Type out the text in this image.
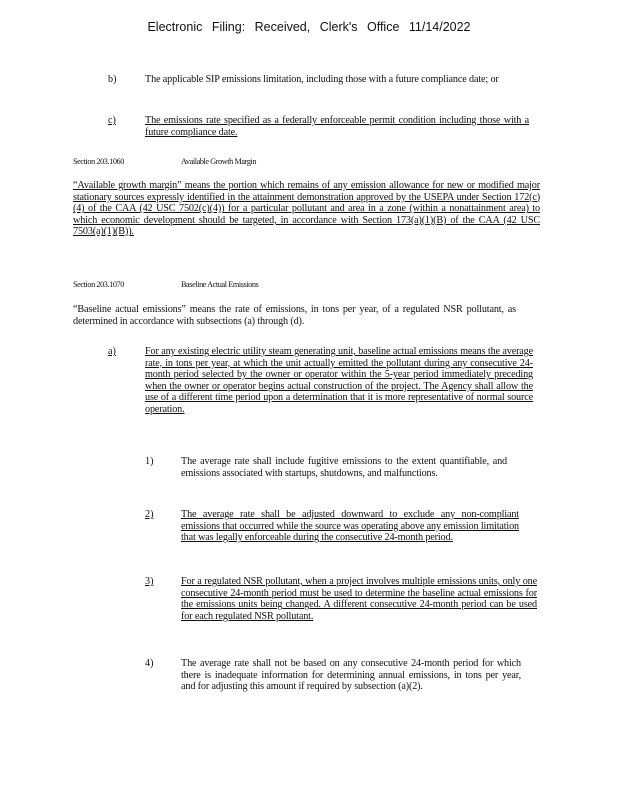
Electronic Filing: Received, Clerk's Office 11/14/2022
b)	The applicable SIP emissions limitation, including those with a future compliance date; or
c)	The emissions rate specified as a federally enforceable permit condition including those with a future compliance date.
Section 203.1060	Available Growth Margin
“Available growth margin” means the portion which remains of any emission allowance for new or modified major stationary sources expressly identified in the attainment demonstration approved by the USEPA under Section 172(c)(4) of the CAA (42 USC 7502(c)(4)) for a particular pollutant and area in a zone (within a nonattainment area) to which economic development should be targeted, in accordance with Section 173(a)(1)(B) of the CAA (42 USC 7503(a)(1)(B)).
Section 203.1070	Baseline Actual Emissions
“Baseline actual emissions” means the rate of emissions, in tons per year, of a regulated NSR pollutant, as determined in accordance with subsections (a) through (d).
a)	For any existing electric utility steam generating unit, baseline actual emissions means the average rate, in tons per year, at which the unit actually emitted the pollutant during any consecutive 24-month period selected by the owner or operator within the 5-year period immediately preceding when the owner or operator begins actual construction of the project. The Agency shall allow the use of a different time period upon a determination that it is more representative of normal source operation.
1)	The average rate shall include fugitive emissions to the extent quantifiable, and emissions associated with startups, shutdowns, and malfunctions.
2)	The average rate shall be adjusted downward to exclude any non-compliant emissions that occurred while the source was operating above any emission limitation that was legally enforceable during the consecutive 24-month period.
3)	For a regulated NSR pollutant, when a project involves multiple emissions units, only one consecutive 24-month period must be used to determine the baseline actual emissions for the emissions units being changed. A different consecutive 24-month period can be used for each regulated NSR pollutant.
4)	The average rate shall not be based on any consecutive 24-month period for which there is inadequate information for determining annual emissions, in tons per year, and for adjusting this amount if required by subsection (a)(2).
